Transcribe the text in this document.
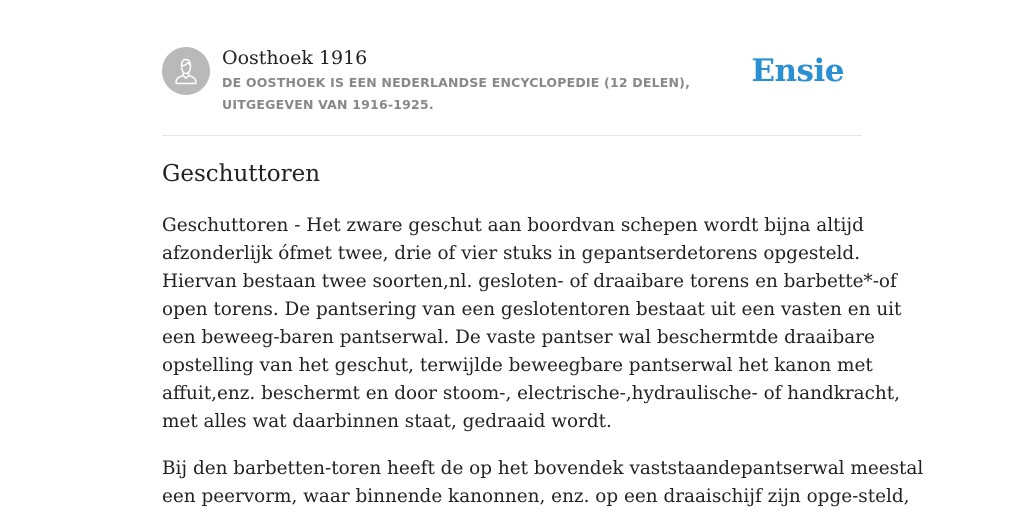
Oosthoek 1916
DE OOSTHOEK IS EEN NEDERLANDSE ENCYCLOPEDIE (12 DELEN), UITGEGEVEN VAN 1916-1925.
Ensie
Geschuttoren

Geschuttoren - Het zware geschut aan boordvan schepen wordt bijna altijd
afzonderlijk ófmet twee, drie of vier stuks in gepantserdetorens opgesteld.
Hiervan bestaan twee soorten,nl. gesloten- of draaibare torens en barbette*-of
open torens. De pantsering van een geslotentoren bestaat uit een vasten en uit
een beweeg-baren pantserwal. De vaste pantser wal beschermtde draaibare
opstelling van het geschut, terwijlde beweegbare pantserwal het kanon met
affuit,enz. beschermt en door stoom-, electrische-,hydraulische- of handkracht,
met alles wat daarbinnen staat, gedraaid wordt.

Bij den barbetten-toren heeft de op het bovendek vaststaandepantserwal meestal
een peervorm, waar binnende kanonnen, enz. op een draaischijf zijn opge-steld,
